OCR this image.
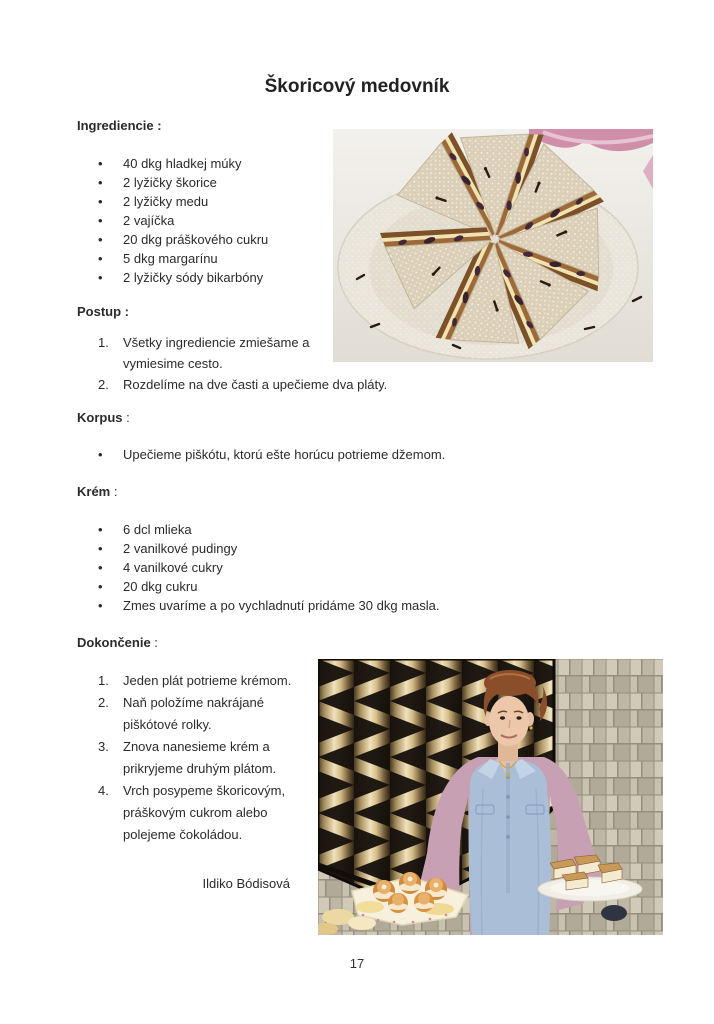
Škoricový medovník
Ingrediencie :
• 40 dkg hladkej múky
• 2 lyžičky škorice
• 2 lyžičky medu
• 2 vajíčka
• 20 dkg práškového cukru
• 5 dkg margarínu
• 2 lyžičky sódy bikarbóny
Postup :
Všetky ingrediencie zmiešame a vymiesime cesto.
Rozdelíme na dve časti a upečieme dva pláty.
Korpus :
• Upečieme piškótu, ktorú ešte horúcu potrieme džemom.
Krém :
• 6 dcl mlieka
• 2 vanilkové pudingy
• 4 vanilkové cukry
• 20 dkg cukru
• Zmes uvaríme a po vychladnutí pridáme 30 dkg masla.
Dokončenie :
Jeden plát potrieme krémom.
Naň položíme nakrájané piškótové rolky.
Znova nanesieme krém a prikryjeme druhým plátom.
Vrch posypeme škoricovým, práškovým cukrom alebo polejeme čokoládou.
Ildiko Bódisová
17
